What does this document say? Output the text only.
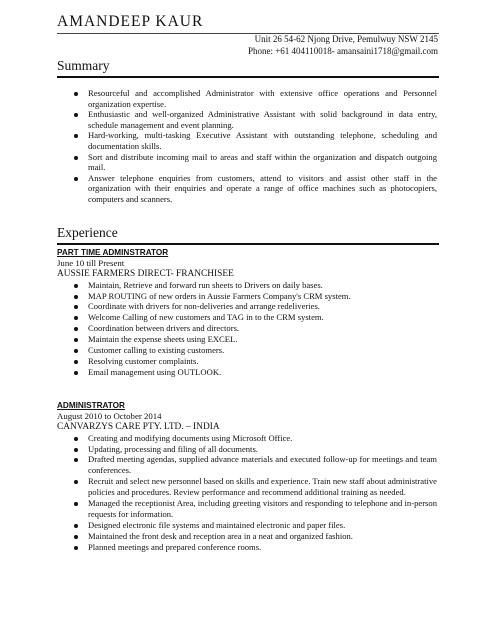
AMANDEEP KAUR
Unit 26 54-62 Njong Drive, Pemulwuy NSW 2145
Phone: +61 404110018- amansaini1718@gmail.com
Summary
Resourceful and accomplished Administrator with extensive office operations and Personnel organization expertise.
Enthusiastic and well-organized Administrative Assistant with solid background in data entry, schedule management and event planning.
Hard-working, multi-tasking Executive Assistant with outstanding telephone, scheduling and documentation skills.
Sort and distribute incoming mail to areas and staff within the organization and dispatch outgoing mail.
Answer telephone enquiries from customers, attend to visitors and assist other staff in the organization with their enquiries and operate a range of office machines such as photocopiers, computers and scanners.
Experience
PART TIME ADMINSTRATOR
June 10 till Present
AUSSIE FARMERS DIRECT- FRANCHISEE
Maintain, Retrieve and forward run sheets to Drivers on daily bases.
MAP ROUTING of new orders in Aussie Farmers Company's CRM system.
Coordinate with drivers for non-deliveries and arrange redeliveries.
Welcome Calling of new customers and TAG in to the CRM system.
Coordination between drivers and directors.
Maintain the expense sheets using EXCEL.
Customer calling to existing customers.
Resolving customer complaints.
Email management using OUTLOOK.
ADMINISTRATOR
August 2010 to October 2014
CANVARZYS CARE PTY. LTD. – INDIA
Creating and modifying documents using Microsoft Office.
Updating, processing and filing of all documents.
Drafted meeting agendas, supplied advance materials and executed follow-up for meetings and team conferences.
Recruit and select new personnel based on skills and experience. Train new staff about administrative policies and procedures. Review performance and recommend additional training as needed.
Managed the receptionist Area, including greeting visitors and responding to telephone and in-person requests for information.
Designed electronic file systems and maintained electronic and paper files.
Maintained the front desk and reception area in a neat and organized fashion.
Planned meetings and prepared conference rooms.
